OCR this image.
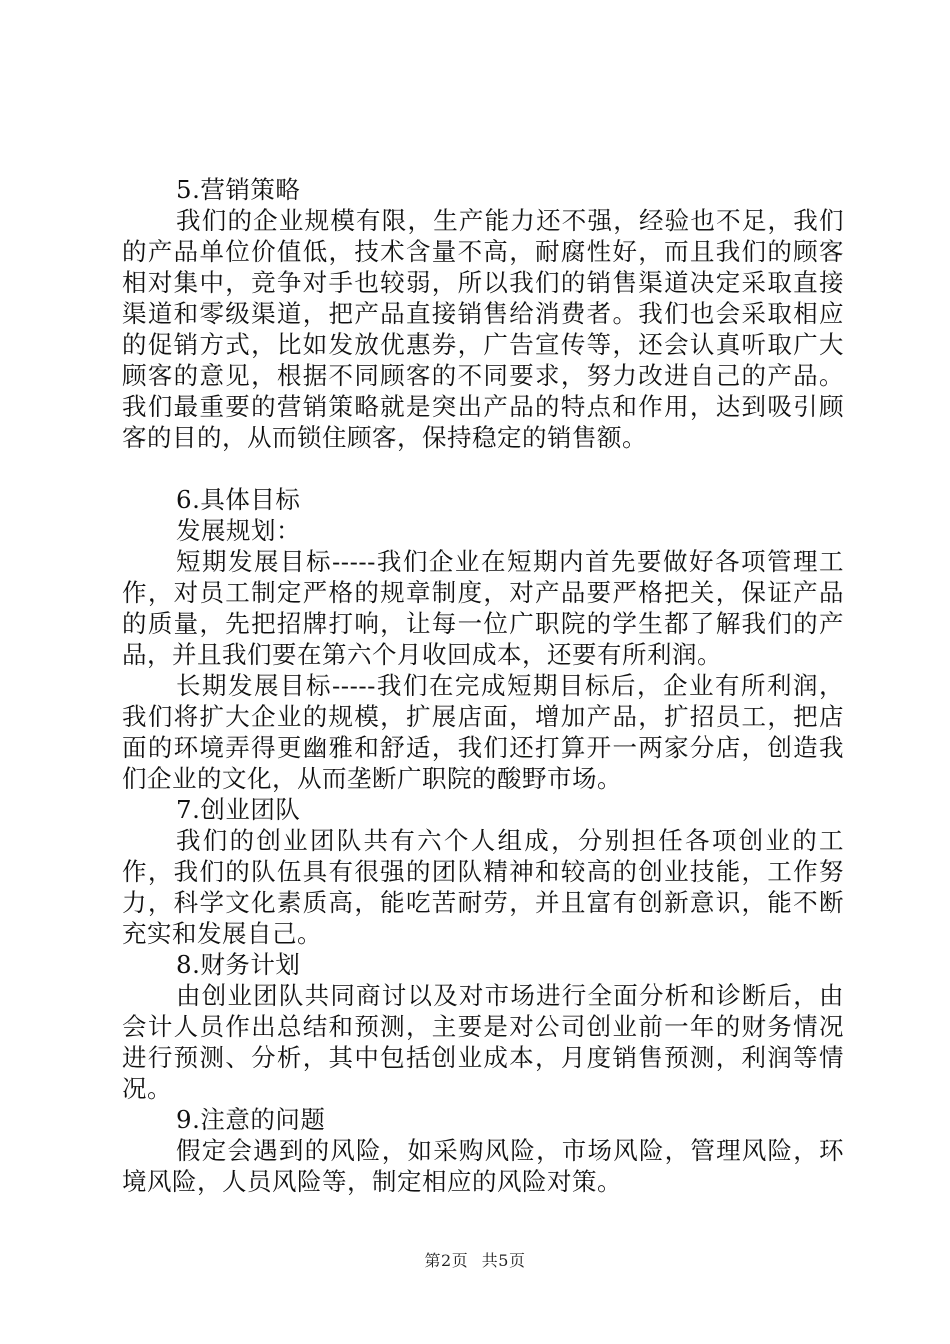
5.营销策略

我们的企业规模有限，生产能力还不强，经验也不足，我们的产品单位价值低，技术含量不高，耐腐性好，而且我们的顾客相对集中，竞争对手也较弱，所以我们的销售渠道决定采取直接渠道和零级渠道，把产品直接销售给消费者。我们也会采取相应的促销方式，比如发放优惠券，广告宣传等，还会认真听取广大顾客的意见，根据不同顾客的不同要求，努力改进自己的产品。我们最重要的营销策略就是突出产品的特点和作用，达到吸引顾客的目的，从而锁住顾客，保持稳定的销售额。

6.具体目标

发展规划：

短期发展目标-----我们企业在短期内首先要做好各项管理工作，对员工制定严格的规章制度，对产品要严格把关，保证产品的质量，先把招牌打响，让每一位广职院的学生都了解我们的产品，并且我们要在第六个月收回成本，还要有所利润。

长期发展目标-----我们在完成短期目标后，企业有所利润，我们将扩大企业的规模，扩展店面，增加产品，扩招员工，把店面的环境弄得更幽雅和舒适，我们还打算开一两家分店，创造我们企业的文化，从而垄断广职院的酸野市场。

7.创业团队

我们的创业团队共有六个人组成，分别担任各项创业的工作，我们的队伍具有很强的团队精神和较高的创业技能，工作努力，科学文化素质高，能吃苦耐劳，并且富有创新意识，能不断充实和发展自己。

8.财务计划

由创业团队共同商讨以及对市场进行全面分析和诊断后，由会计人员作出总结和预测，主要是对公司创业前一年的财务情况进行预测、分析，其中包括创业成本，月度销售预测，利润等情况。

9.注意的问题

假定会遇到的风险，如采购风险，市场风险，管理风险，环境风险，人员风险等，制定相应的风险对策。

第2页 共5页
